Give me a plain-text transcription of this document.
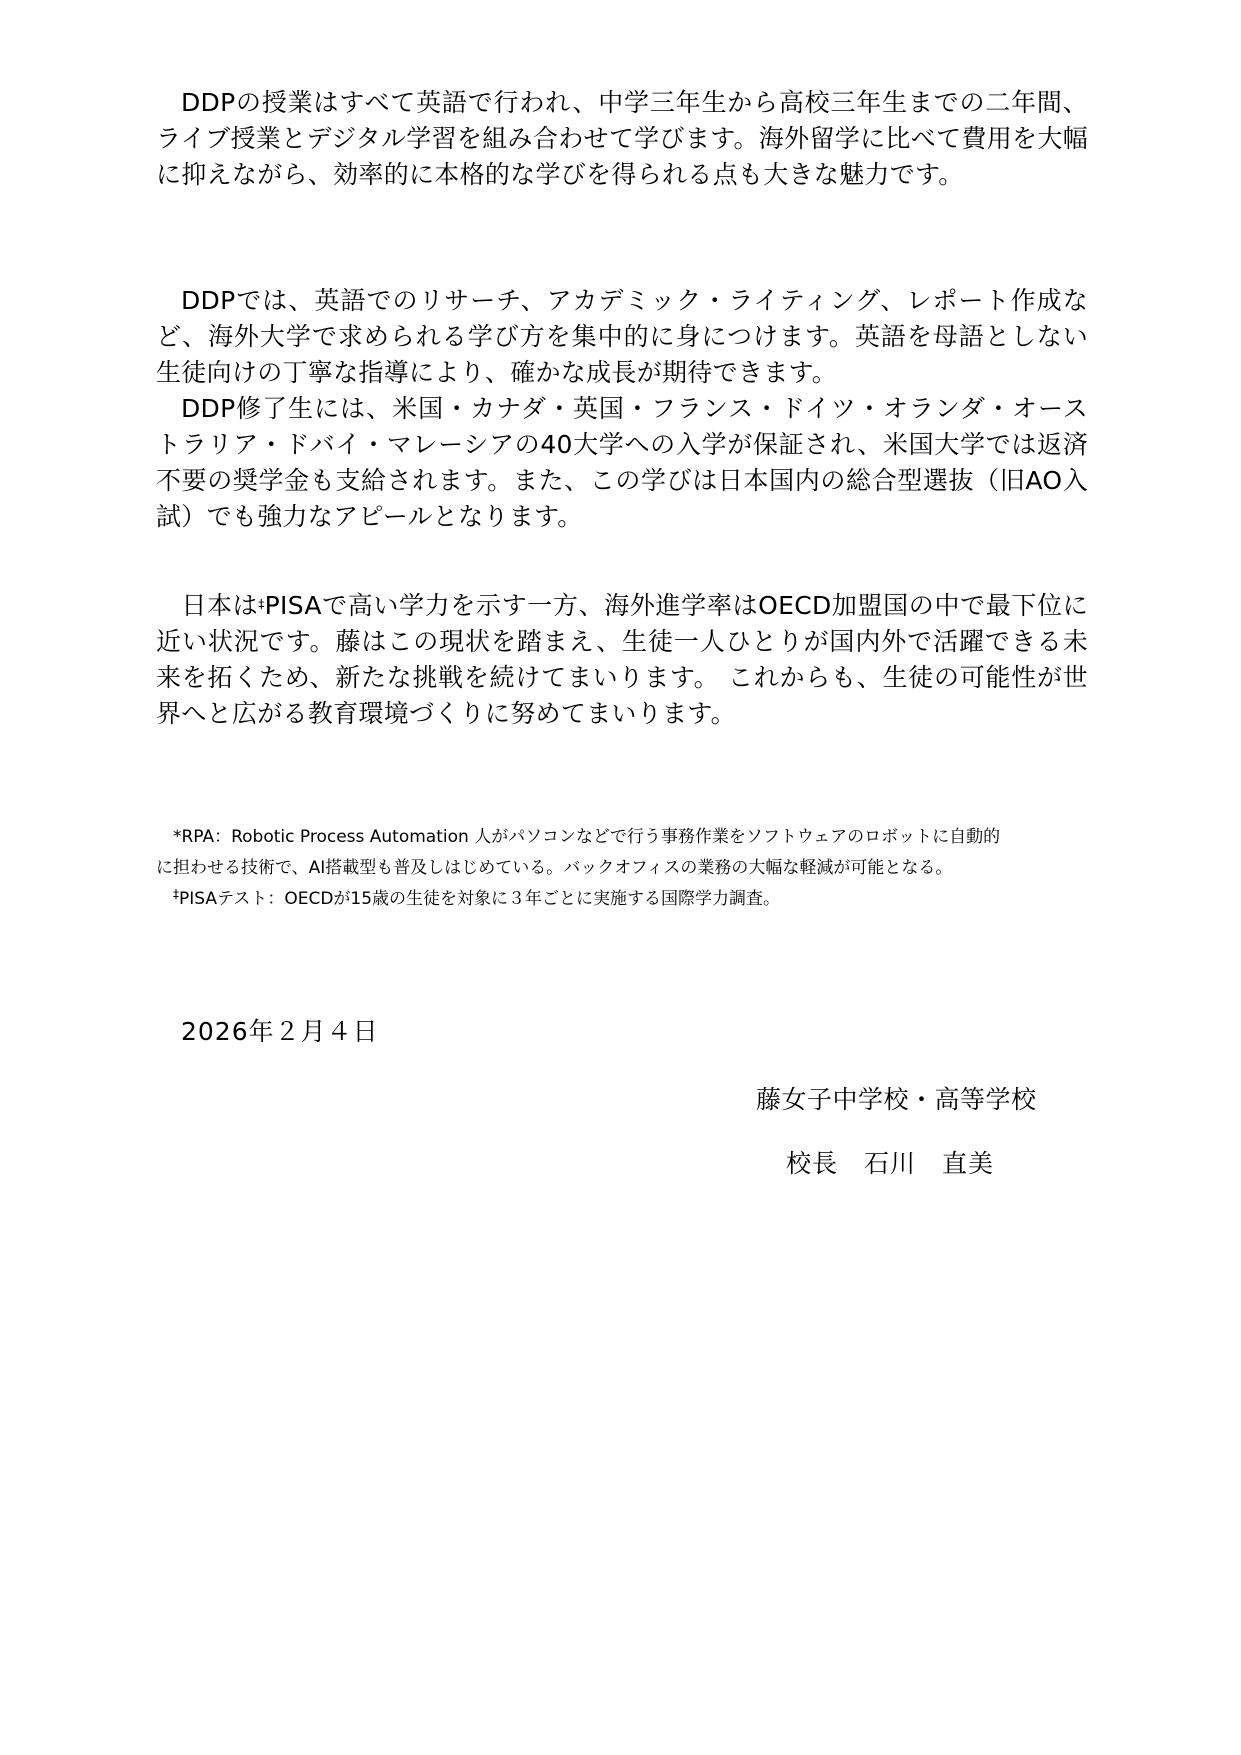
DDPの授業はすべて英語で行われ、中学三年生から高校三年生までの二年間、ライブ授業とデジタル学習を組み合わせて学びます。海外留学に比べて費用を大幅に抑えながら、効率的に本格的な学びを得られる点も大きな魅力です。

DDPでは、英語でのリサーチ、アカデミック・ライティング、レポート作成など、海外大学で求められる学び方を集中的に身につけます。英語を母語としない生徒向けの丁寧な指導により、確かな成長が期待できます。
DDP修了生には、米国・カナダ・英国・フランス・ドイツ・オランダ・オーストラリア・ドバイ・マレーシアの40大学への入学が保証され、米国大学では返済不要の奨学金も支給されます。また、この学びは日本国内の総合型選抜（旧AO入試）でも強力なアピールとなります。

日本は‡PISAで高い学力を示す一方、海外進学率はOECD加盟国の中で最下位に近い状況です。藤はこの現状を踏まえ、生徒一人ひとりが国内外で活躍できる未来を拓くため、新たな挑戦を続けてまいります。 これからも、生徒の可能性が世界へと広がる教育環境づくりに努めてまいります。

*RPA：Robotic Process Automation 人がパソコンなどで行う事務作業をソフトウェアのロボットに自動的
に担わせる技術で、AI搭載型も普及しはじめている。バックオフィスの業務の大幅な軽減が可能となる。
‡PISAテスト：OECDが15歳の生徒を対象に３年ごとに実施する国際学力調査。
2026年２月４日
藤女子中学校・高等学校
校長　石川　直美
